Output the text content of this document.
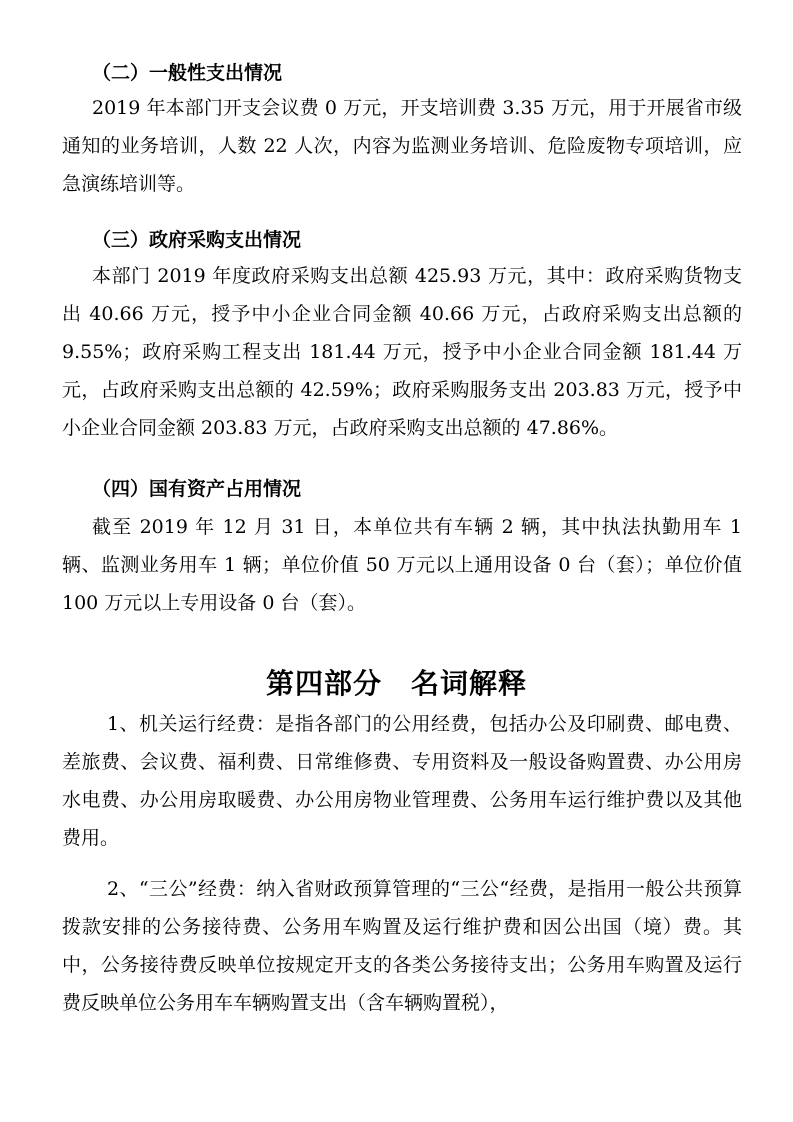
（二）一般性支出情况
2019 年本部门开支会议费 0 万元，开支培训费 3.35 万元，用于开展省市级通知的业务培训，人数 22 人次，内容为监测业务培训、危险废物专项培训，应急演练培训等。
（三）政府采购支出情况
本部门 2019 年度政府采购支出总额 425.93 万元，其中：政府采购货物支出 40.66 万元，授予中小企业合同金额 40.66 万元，占政府采购支出总额的 9.55%；政府采购工程支出 181.44 万元，授予中小企业合同金额 181.44 万元，占政府采购支出总额的 42.59%；政府采购服务支出 203.83 万元，授予中小企业合同金额 203.83 万元，占政府采购支出总额的 47.86%。
（四）国有资产占用情况
截至 2019 年 12 月 31 日，本单位共有车辆 2 辆，其中执法执勤用车 1 辆、监测业务用车 1 辆；单位价值 50 万元以上通用设备 0 台（套）；单位价值 100 万元以上专用设备 0 台（套）。
第四部分　名词解释
1、机关运行经费：是指各部门的公用经费，包括办公及印刷费、邮电费、差旅费、会议费、福利费、日常维修费、专用资料及一般设备购置费、办公用房水电费、办公用房取暖费、办公用房物业管理费、公务用车运行维护费以及其他费用。
2、“三公”经费：纳入省财政预算管理的“三公“经费，是指用一般公共预算拨款安排的公务接待费、公务用车购置及运行维护费和因公出国（境）费。其中，公务接待费反映单位按规定开支的各类公务接待支出；公务用车购置及运行费反映单位公务用车车辆购置支出（含车辆购置税），
